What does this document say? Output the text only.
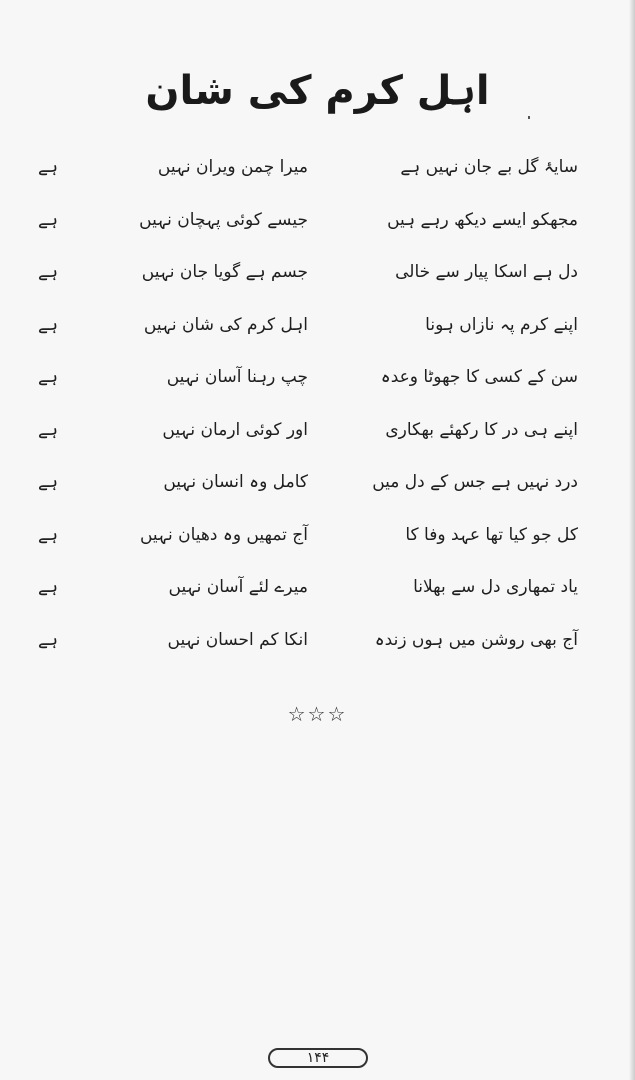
اہل کرم کی شان
سایۂ گل بے جان نہیں ہے
میرا چمن ویران نہیں
ہے
مجھکو ایسے دیکھ رہے ہیں
جیسے کوئی پہچان نہیں
ہے
دل ہے اسکا پیار سے خالی
جسم ہے گویا جان نہیں
ہے
اپنے کرم پہ نازاں ہونا
اہل کرم کی شان نہیں
ہے
سن کے کسی کا جھوٹا وعدہ
چپ رہنا آسان نہیں
ہے
اپنے ہی در کا رکھئے بھکاری
اور کوئی ارمان نہیں
ہے
درد نہیں ہے جس کے دل میں
کامل وہ انسان نہیں
ہے
کل جو کیا تھا عہد وفا کا
آج تمھیں وہ دھیان نہیں
ہے
یاد تمھاری دل سے بھلانا
میرے لئے آسان نہیں
ہے
آج بھی روشن میں ہوں زندہ
انکا کم احسان نہیں
ہے
☆☆☆
۱۴۴
